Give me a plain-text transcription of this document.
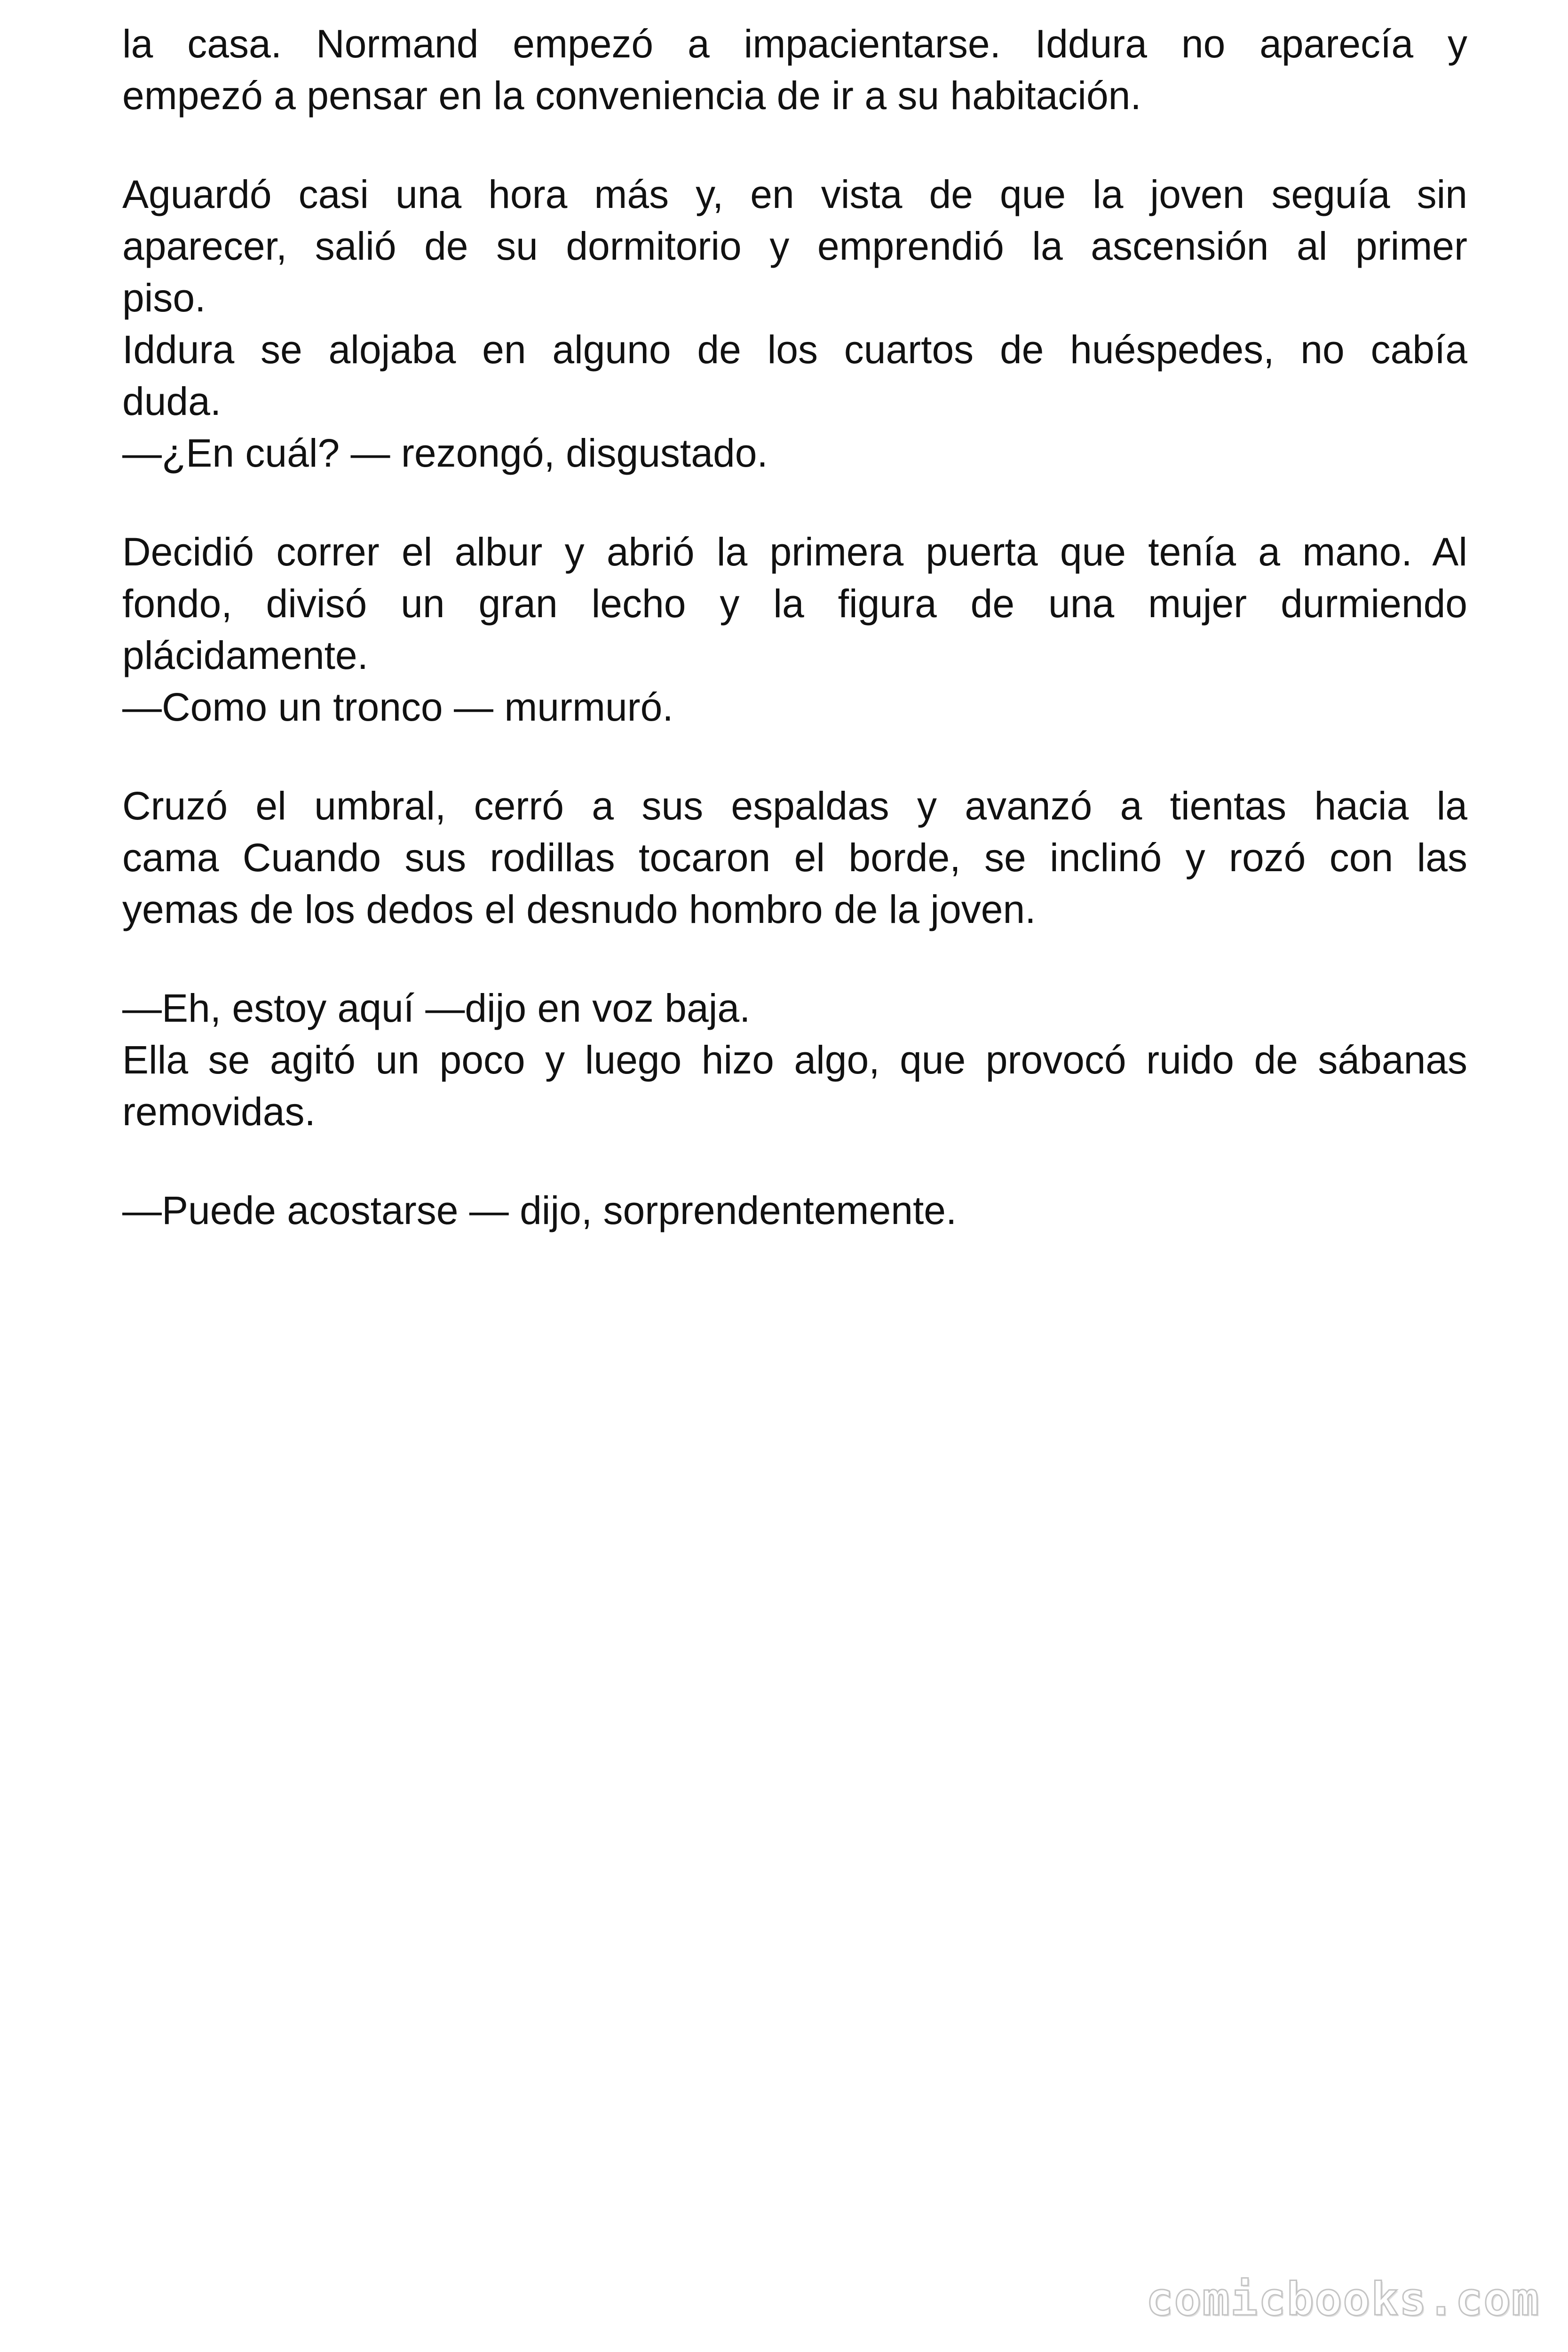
la casa. Normand empezó a impacientarse. Iddura no aparecía y
empezó a pensar en la conveniencia de ir a su habitación.

Aguardó casi una hora más y, en vista de que la joven seguía sin
aparecer, salió de su dormitorio y emprendió la ascensión al primer
piso.
Iddura se alojaba en alguno de los cuartos de huéspedes, no cabía
duda.
—¿En cuál? — rezongó, disgustado.

Decidió correr el albur y abrió la primera puerta que tenía a mano. Al
fondo, divisó un gran lecho y la figura de una mujer durmiendo
plácidamente.
—Como un tronco — murmuró.

Cruzó el umbral, cerró a sus espaldas y avanzó a tientas hacia la
cama Cuando sus rodillas tocaron el borde, se inclinó y rozó con las
yemas de los dedos el desnudo hombro de la joven.

—Eh, estoy aquí —dijo en voz baja.
Ella se agitó un poco y luego hizo algo, que provocó ruido de sábanas
removidas.

—Puede acostarse — dijo, sorprendentemente.

comicbooks.com
